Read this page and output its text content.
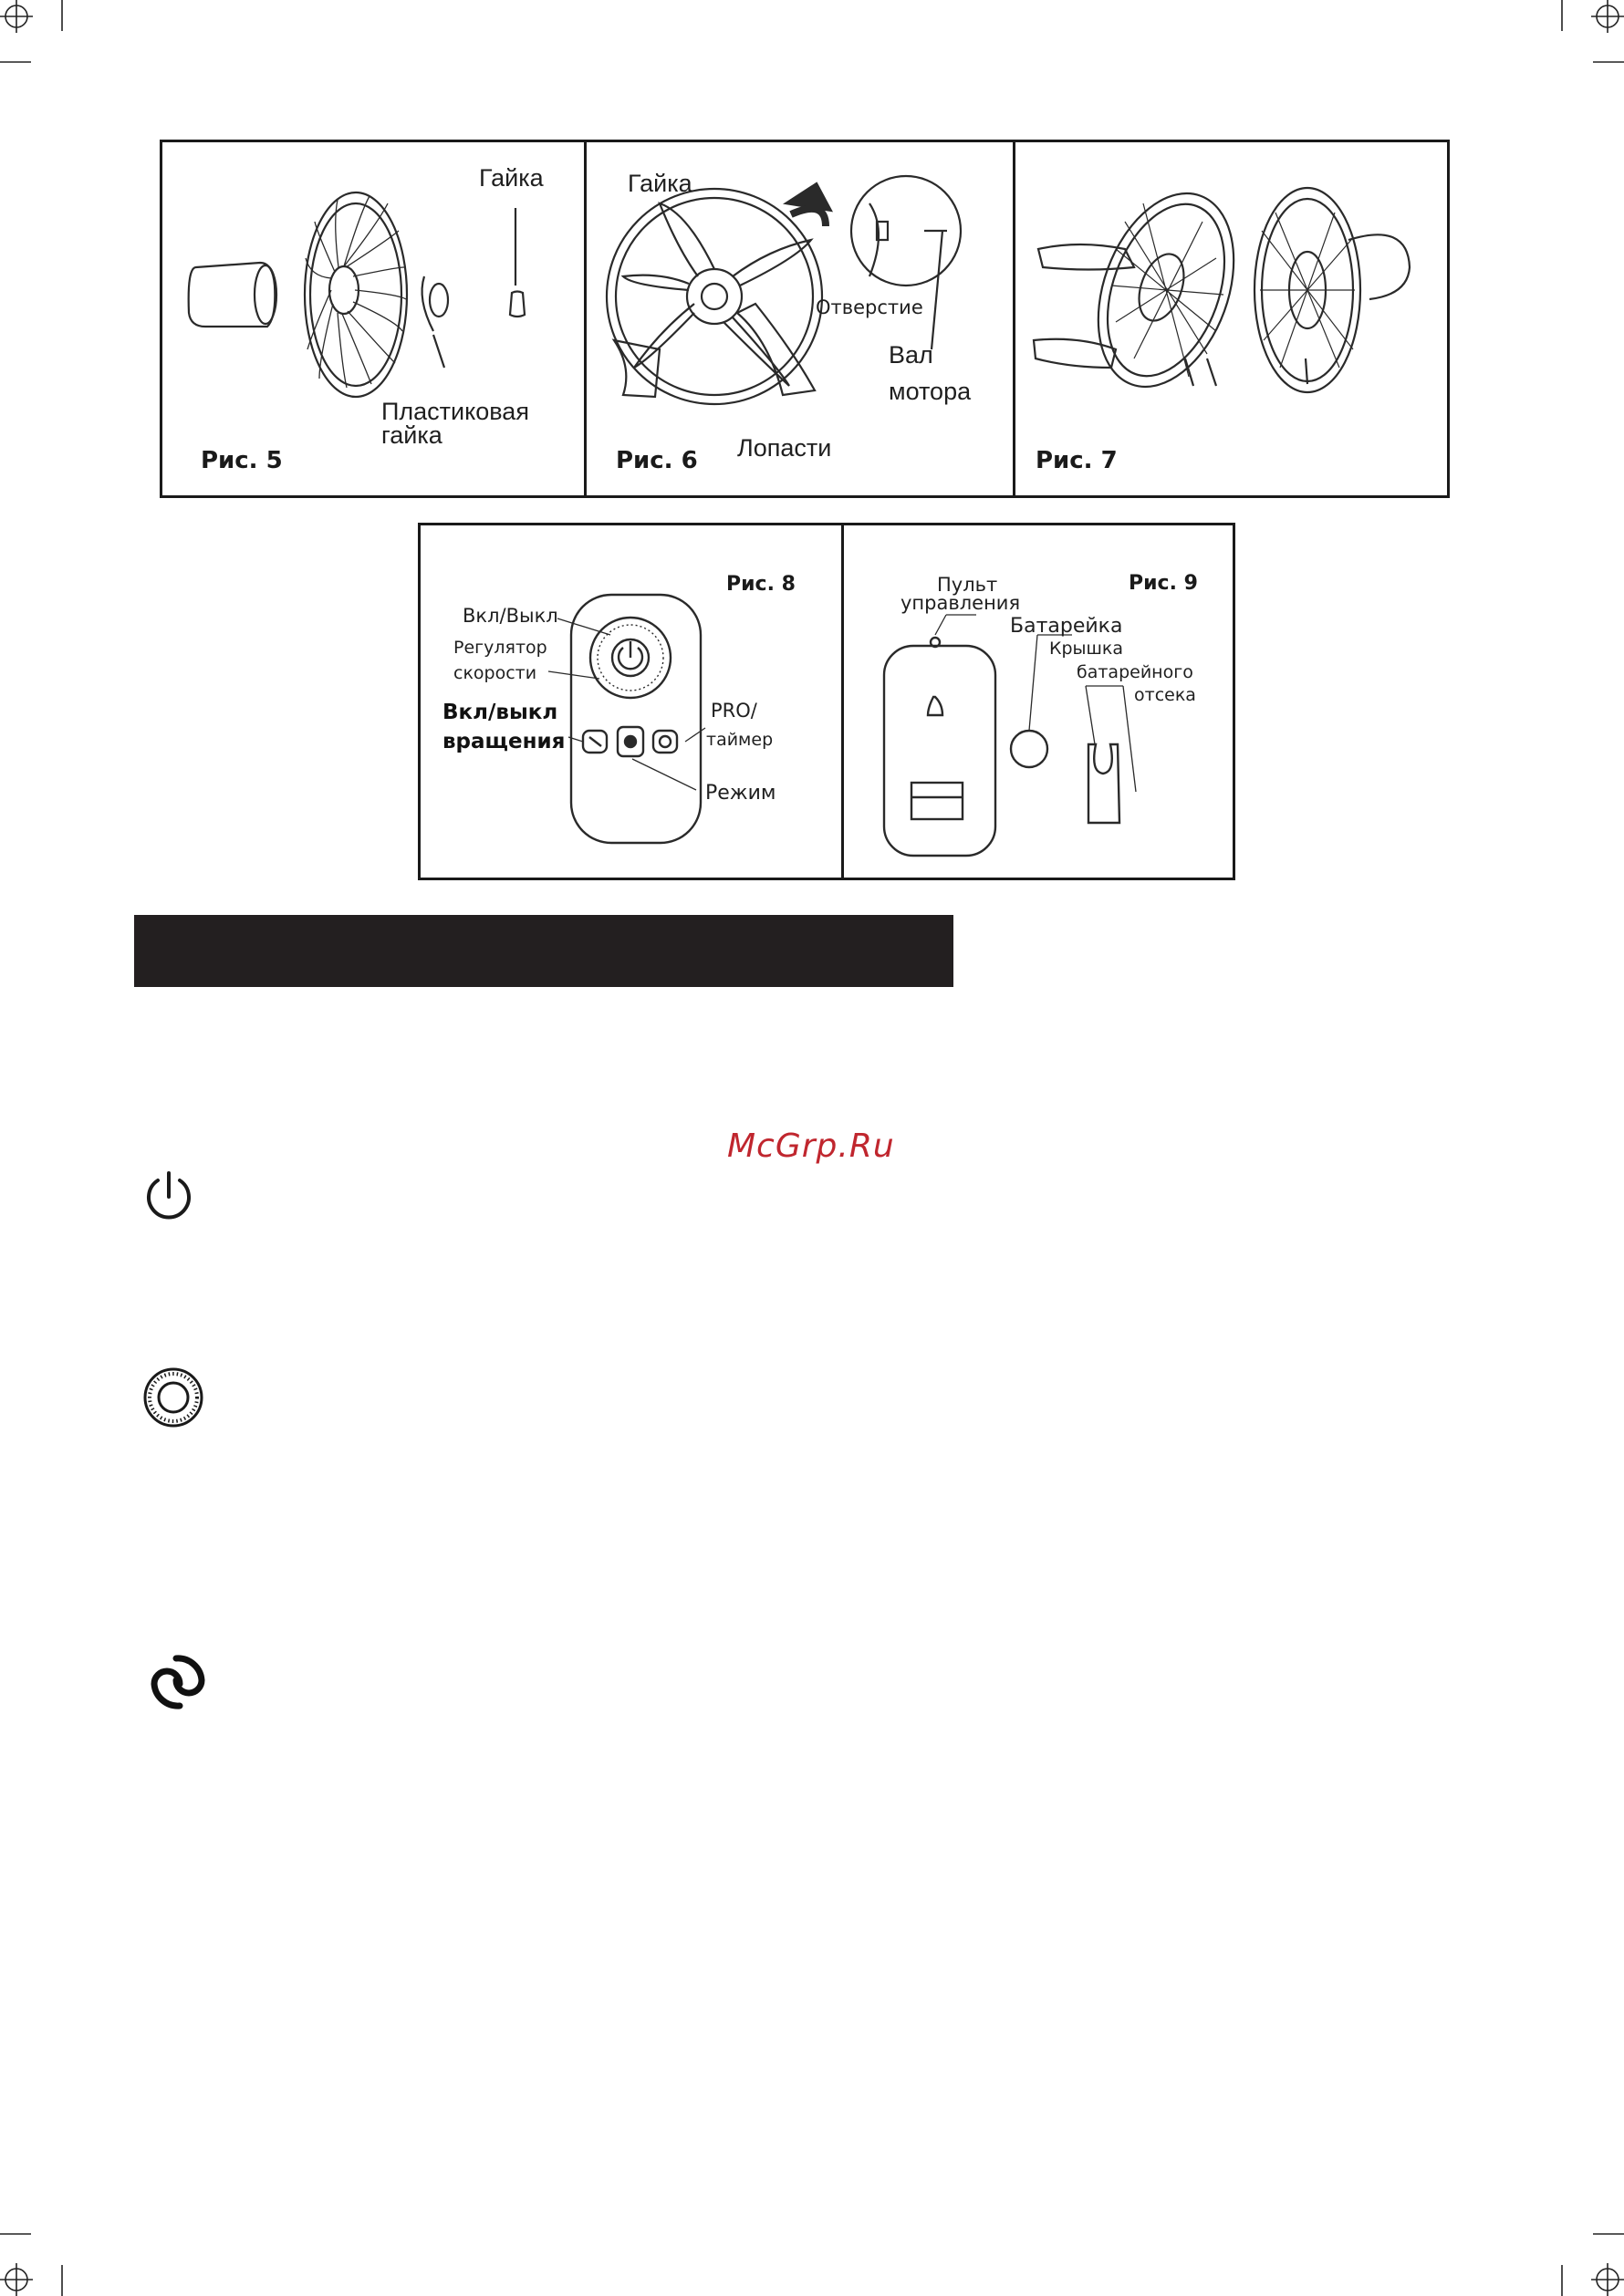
Гайка
Пластиковая
гайка
Рис. 5
Гайка
Отверстие
Вал
мотора
Лопасти
Рис. 6	Рис. 7
Рис. 8
Вкл/Выкл
Регулятор
скорости
Вкл/выкл
вращения
PRO/
таймер
Режим
Рис. 9
Пульт
управления
Батарейка
Крышка
батарейного
отсека
McGrp.Ru
